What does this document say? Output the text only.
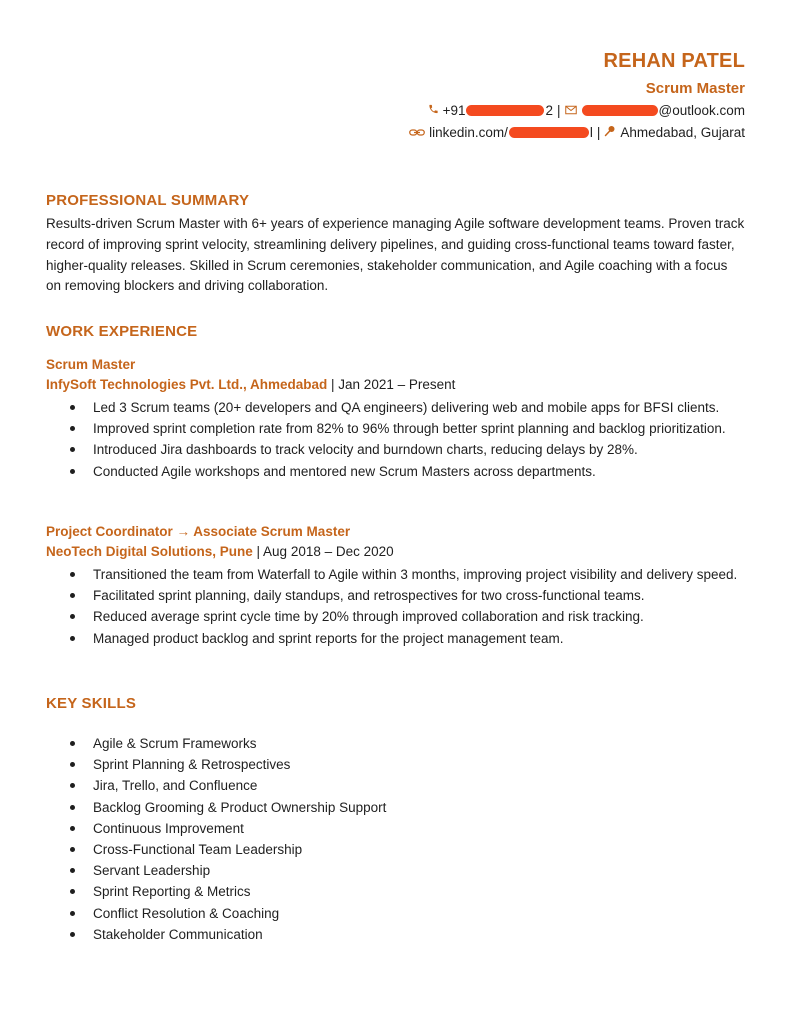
REHAN PATEL
Scrum Master
+91	2 |	@outlook.com
linkedin.com/	l | Ahmedabad, Gujarat
PROFESSIONAL SUMMARY
Results-driven Scrum Master with 6+ years of experience managing Agile software development teams. Proven track record of improving sprint velocity, streamlining delivery pipelines, and guiding cross-functional teams toward faster, higher-quality releases. Skilled in Scrum ceremonies, stakeholder communication, and Agile coaching with a focus on removing blockers and driving collaboration.
WORK EXPERIENCE
Scrum Master
InfySoft Technologies Pvt. Ltd., Ahmedabad | Jan 2021 – Present
Led 3 Scrum teams (20+ developers and QA engineers) delivering web and mobile apps for BFSI clients.
Improved sprint completion rate from 82% to 96% through better sprint planning and backlog prioritization.
Introduced Jira dashboards to track velocity and burndown charts, reducing delays by 28%.
Conducted Agile workshops and mentored new Scrum Masters across departments.
Project Coordinator → Associate Scrum Master
NeoTech Digital Solutions, Pune | Aug 2018 – Dec 2020
Transitioned the team from Waterfall to Agile within 3 months, improving project visibility and delivery speed.
Facilitated sprint planning, daily standups, and retrospectives for two cross-functional teams.
Reduced average sprint cycle time by 20% through improved collaboration and risk tracking.
Managed product backlog and sprint reports for the project management team.
KEY SKILLS
Agile & Scrum Frameworks
Sprint Planning & Retrospectives
Jira, Trello, and Confluence
Backlog Grooming & Product Ownership Support
Continuous Improvement
Cross-Functional Team Leadership
Servant Leadership
Sprint Reporting & Metrics
Conflict Resolution & Coaching
Stakeholder Communication
